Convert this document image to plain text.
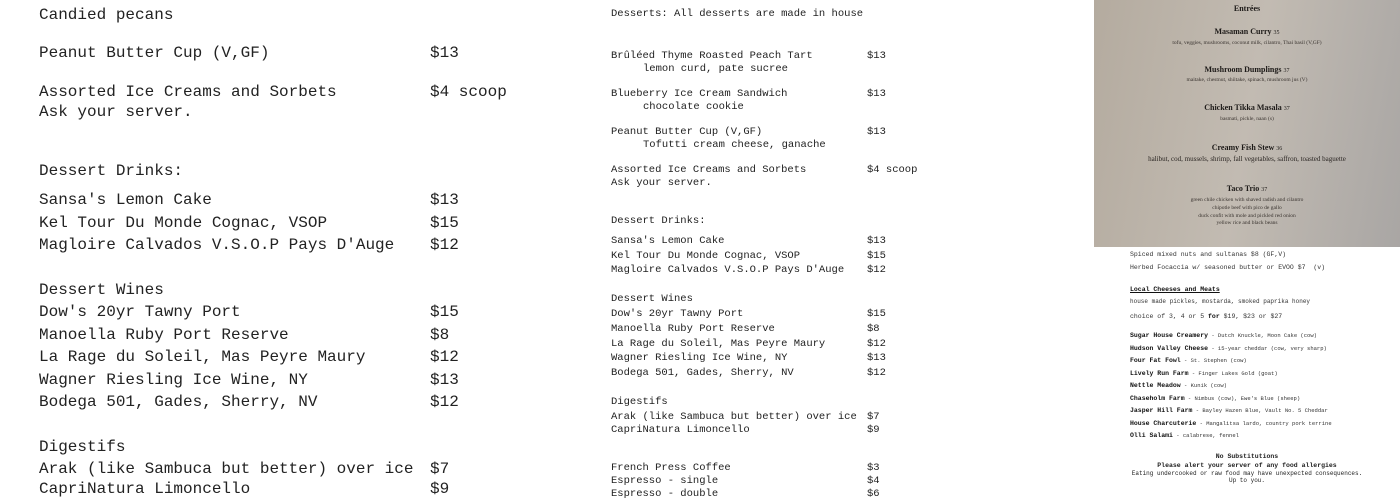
Candied pecans
Peanut Butter Cup (V,GF)	$13
Assorted Ice Creams and Sorbets	$4 scoop
Ask your server.
Dessert Drinks:
Sansa's Lemon Cake	$13
Kel Tour Du Monde Cognac, VSOP	$15
Magloire Calvados V.S.O.P Pays D'Auge $12
Dessert Wines
Dow's 20yr Tawny Port	$15
Manoella Ruby Port Reserve	$8
La Rage du Soleil, Mas Peyre Maury	$12
Wagner Riesling Ice Wine, NY	$13
Bodega 501, Gades, Sherry, NV	$12
Digestifs
Arak (like Sambuca but better) over ice $7
CapriNatura Limoncello	$9
Desserts: All desserts are made in house
Brûléed Thyme Roasted Peach Tart	$13
lemon curd, pate sucree
Blueberry Ice Cream Sandwich	$13
chocolate cookie
Peanut Butter Cup (V,GF)	$13
Tofutti cream cheese, ganache
Assorted Ice Creams and Sorbets	$4 scoop
Ask your server.
Dessert Drinks:
Sansa's Lemon Cake	$13
Kel Tour Du Monde Cognac, VSOP	$15
Magloire Calvados V.S.O.P Pays D'Auge $12
Dessert Wines
Dow's 20yr Tawny Port	$15
Manoella Ruby Port Reserve	$8
La Rage du Soleil, Mas Peyre Maury	$12
Wagner Riesling Ice Wine, NY	$13
Bodega 501, Gades, Sherry, NV	$12
Digestifs
Arak (like Sambuca but better) over ice $7
CapriNatura Limoncello	$9
French Press Coffee	$3
Espresso - single	$4
Espresso - double	$6
Entrées
Masaman Curry 35
tofu, veggies, mushrooms, coconut milk, cilantro, Thai basil (V,GF)
Mushroom Dumplings 37
maitake, chestnut, shiitake, spinach, mushroom jus (V)
Chicken Tikka Masala 37
basmati, pickle, naan (s)
Creamy Fish Stew 36
halibut, cod, mussels, shrimp, fall vegetables, saffron, toasted baguette
Taco Trio 37
green chile chicken with shaved radish and cilantro
chipotle beef with pico de gallo
duck confit with mole and pickled red onion
yellow rice and black beans
Spiced mixed nuts and sultanas $8 (GF,V)
Herbed Focaccia w/ seasoned butter or EVOO $7  (v)
Local Cheeses and Meats
house made pickles, mostarda, smoked paprika honey
choice of 3, 4 or 5 for $19, $23 or $27
Sugar House Creamery - Dutch Knuckle, Moon Cake (cow)
Hudson Valley Cheese - 15-year cheddar (cow, very sharp)
Four Fat Fowl - St. Stephen (cow)
Lively Run Farm - Finger Lakes Gold (goat)
Nettle Meadow - Kunik (cow)
Chaseholm Farm - Nimbus (cow), Ewe's Blue (sheep)
Jasper Hill Farm - Bayley Hazen Blue, Vault No. 5 Cheddar
House Charcuterie - Mangalitsa lardo, country pork terrine
Olli Salami - calabrese, fennel
No Substitutions
Please alert your server of any food allergies
Eating undercooked or raw food may have unexpected consequences.
Up to you.
